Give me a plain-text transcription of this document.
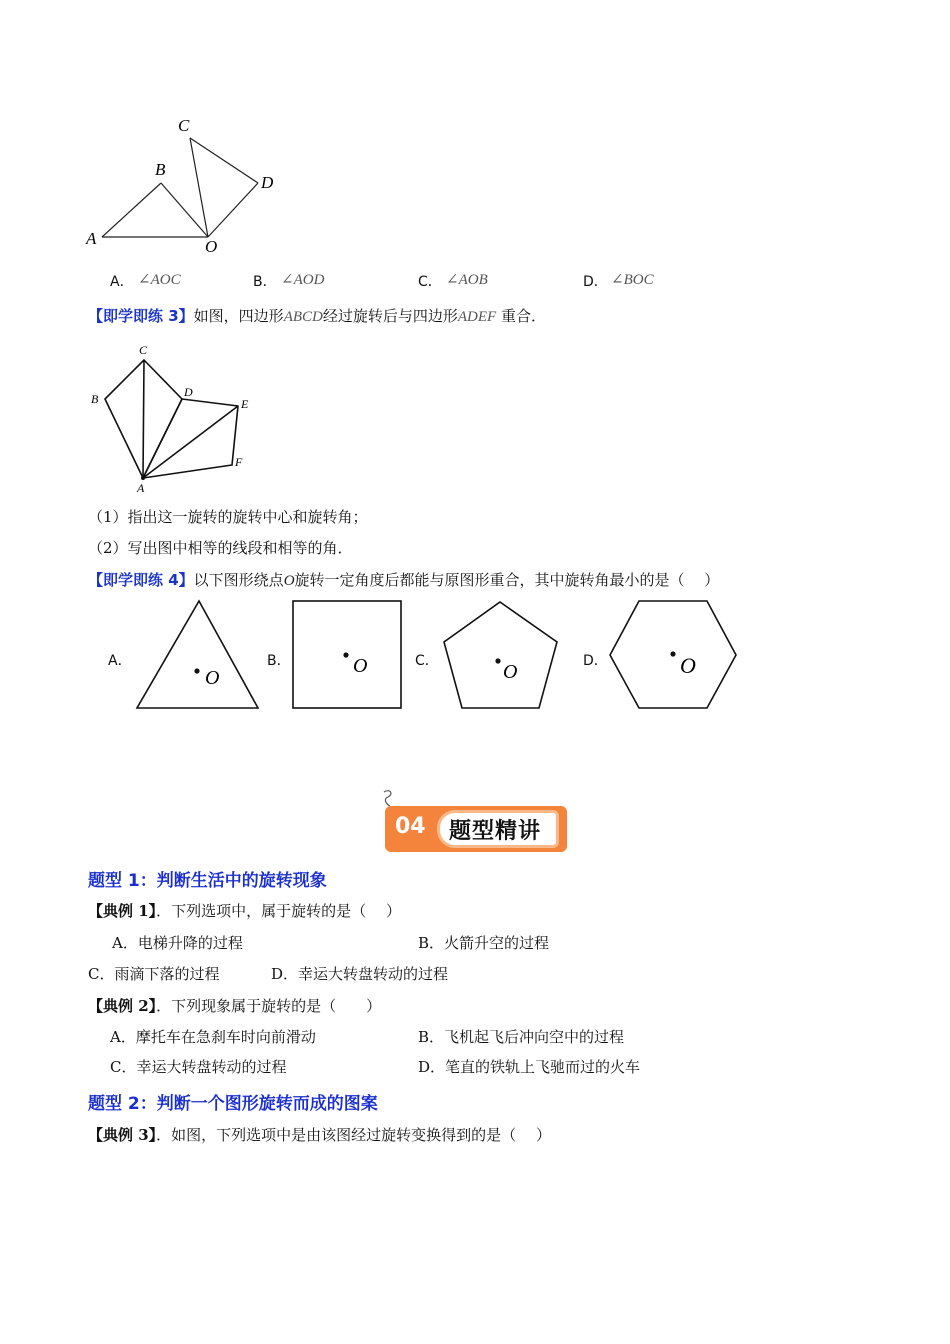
C
B
D
A	O
A． ∠AOC	B． ∠AOD	C． ∠AOB	D． ∠BOC
【即学即练 3】如图，四边形ABCD经过旋转后与四边形ADEF 重合．
C
B	D
E
F
A
（1）指出这一旋转的旋转中心和旋转角；
（2）写出图中相等的线段和相等的角．
【即学即练 4】以下图形绕点O旋转一定角度后都能与原图形重合，其中旋转角最小的是（　 ）
A．
O
B．	O	C．	O	D．	O
04 题型精讲
题型 1：判断生活中的旋转现象
【典例 1】．下列选项中，属于旋转的是（　 ）
A．电梯升降的过程	B．火箭升空的过程
C．雨滴下落的过程	D．幸运大转盘转动的过程
【典例 2】．下列现象属于旋转的是（　　）
A．摩托车在急刹车时向前滑动	B．飞机起飞后冲向空中的过程
C．幸运大转盘转动的过程	D．笔直的铁轨上飞驰而过的火车
题型 2：判断一个图形旋转而成的图案
【典例 3】．如图，下列选项中是由该图经过旋转变换得到的是（　 ）
